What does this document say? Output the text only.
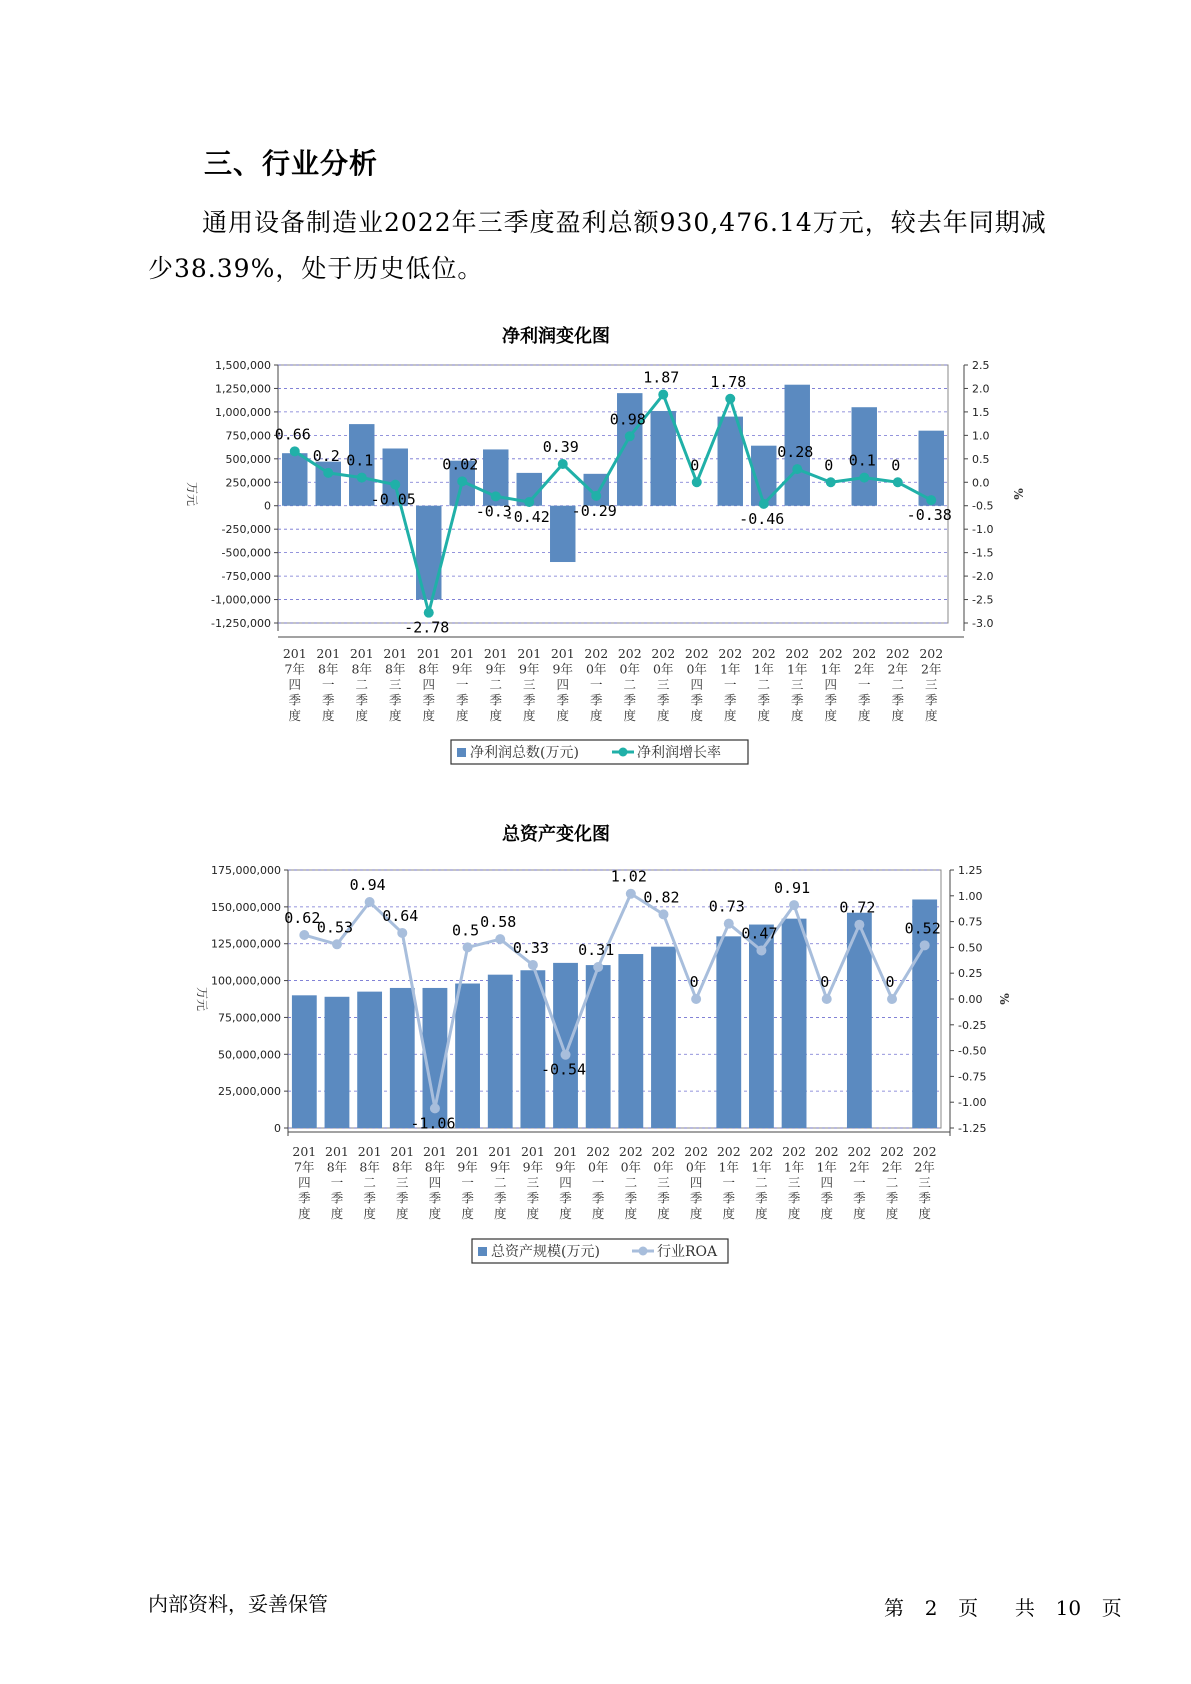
三、行业分析
通用设备制造业2022年三季度盈利总额930,476.14万元，较去年同期减少38.39%，处于历史低位。
净利润变化图
1,500,000
1,250,000
1,000,000
750,000
500,000
250,000
0
-250,000
-500,000
-750,000
-1,000,000
-1,250,000
2.5
2.0
1.5
1.0
0.5
0.0
-0.5
-1.0
-1.5
-2.0
-2.5
-3.0
万元	%
0.66
0.2 0.1
-0.05
-2.78
0.02
-0.3
-0.42
0.39
-0.29
0.98
1.87
0
1.78
-0.46
0.28
0 0.1 0
-0.38
201
7年
四
季
度
201
8年
一
季
度
201
8年
二
季
度
201
8年
三
季
度
201
8年
四
季
度
201
9年
一
季
度
201
9年
二
季
度
201
9年
三
季
度
201
9年
四
季
度
202
0年
一
季
度
202
0年
二
季
度
202
0年
三
季
度
202
0年
四
季
度
202
1年
一
季
度
202
1年
二
季
度
202
1年
三
季
度
202
1年
四
季
度
202
2年
一
季
度
202
2年
二
季
度
202
2年
三
季
度
净利润总数(万元)	净利润增长率
总资产变化图
175,000,000
150,000,000
125,000,000
100,000,000
75,000,000
50,000,000
25,000,000
0
1.25
1.00
0.75
0.50
0.25
0.00
-0.25
-0.50
-0.75
-1.00
-1.25
万元	%
0.62
0.53
0.94
0.64
-1.06
0.5 0.58
0.33
-0.54
0.31
1.02
0.82
0
0.73
0.47
0.91
0
0.72
0
0.52
201
7年
四
季
度
201
8年
一
季
度
201
8年
二
季
度
201
8年
三
季
度
201
8年
四
季
度
201
9年
一
季
度
201
9年
二
季
度
201
9年
三
季
度
201
9年
四
季
度
202
0年
一
季
度
202
0年
二
季
度
202
0年
三
季
度
202
0年
四
季
度
202
1年
一
季
度
202
1年
二
季
度
202
1年
三
季
度
202
1年
四
季
度
202
2年
一
季
度
202
2年
二
季
度
202
2年
三
季
度
总资产规模(万元)	行业ROA
内部资料，妥善保管	第 2 页 共 10 页
